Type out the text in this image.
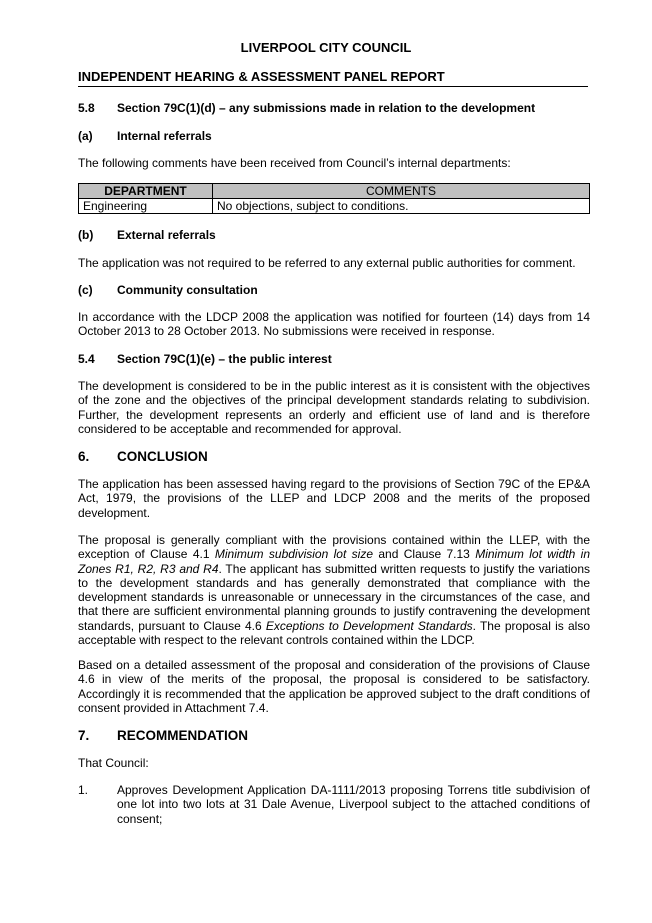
LIVERPOOL CITY COUNCIL
INDEPENDENT HEARING & ASSESSMENT PANEL REPORT
5.8 Section 79C(1)(d) – any submissions made in relation to the development
(a) Internal referrals
The following comments have been received from Council’s internal departments:
DEPARTMENT	COMMENTS
Engineering	No objections, subject to conditions.
(b) External referrals
The application was not required to be referred to any external public authorities for comment.
(c) Community consultation
In accordance with the LDCP 2008 the application was notified for fourteen (14) days from 14 October 2013 to 28 October 2013. No submissions were received in response.
5.4 Section 79C(1)(e) – the public interest
The development is considered to be in the public interest as it is consistent with the objectives of the zone and the objectives of the principal development standards relating to subdivision. Further, the development represents an orderly and efficient use of land and is therefore considered to be acceptable and recommended for approval.
6. CONCLUSION
The application has been assessed having regard to the provisions of Section 79C of the EP&A Act, 1979, the provisions of the LLEP and LDCP 2008 and the merits of the proposed development.
The proposal is generally compliant with the provisions contained within the LLEP, with the exception of Clause 4.1 Minimum subdivision lot size and Clause 7.13 Minimum lot width in Zones R1, R2, R3 and R4. The applicant has submitted written requests to justify the variations to the development standards and has generally demonstrated that compliance with the development standards is unreasonable or unnecessary in the circumstances of the case, and that there are sufficient environmental planning grounds to justify contravening the development standards, pursuant to Clause 4.6 Exceptions to Development Standards. The proposal is also acceptable with respect to the relevant controls contained within the LDCP.
Based on a detailed assessment of the proposal and consideration of the provisions of Clause 4.6 in view of the merits of the proposal, the proposal is considered to be satisfactory. Accordingly it is recommended that the application be approved subject to the draft conditions of consent provided in Attachment 7.4.
7. RECOMMENDATION
That Council:
1. Approves Development Application DA-1111/2013 proposing Torrens title subdivision of one lot into two lots at 31 Dale Avenue, Liverpool subject to the attached conditions of consent;
